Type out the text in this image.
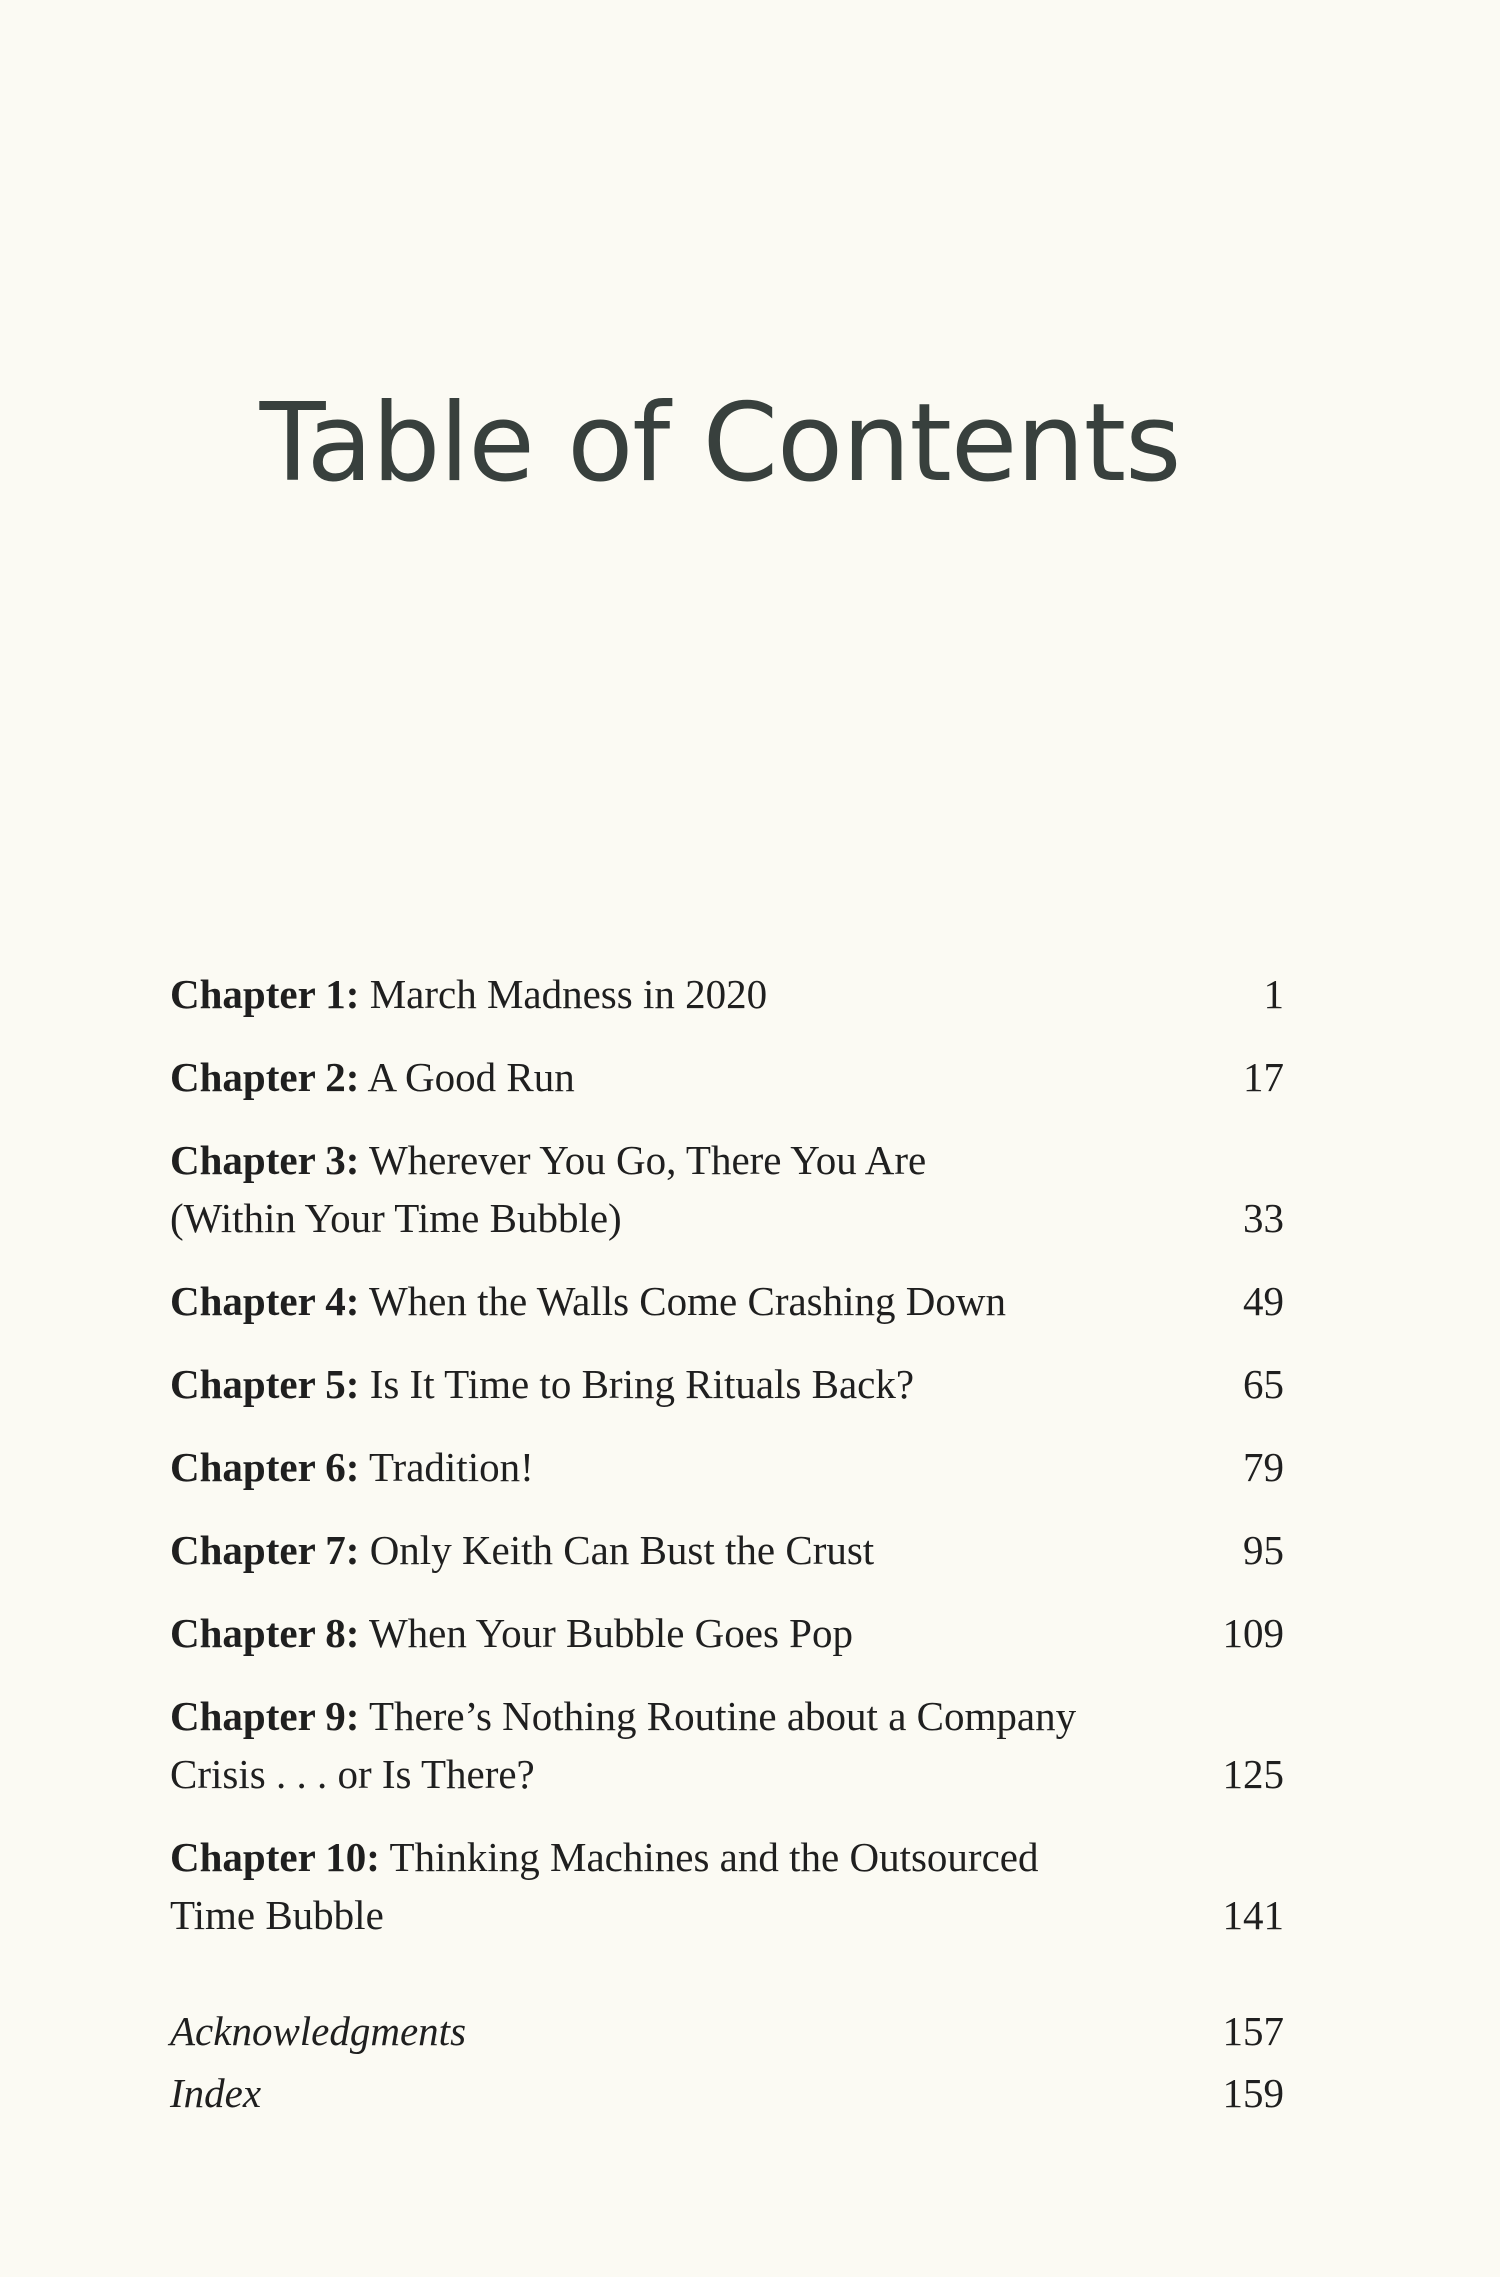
Table of Contents
Chapter 1: March Madness in 2020	1
Chapter 2: A Good Run	17
Chapter 3: Wherever You Go, There You Are (Within Your Time Bubble)	33
Chapter 4: When the Walls Come Crashing Down	49
Chapter 5: Is It Time to Bring Rituals Back?	65
Chapter 6: Tradition!	79
Chapter 7: Only Keith Can Bust the Crust	95
Chapter 8: When Your Bubble Goes Pop	109
Chapter 9: There’s Nothing Routine about a Company Crisis . . . or Is There?	125
Chapter 10: Thinking Machines and the Outsourced Time Bubble	141
Acknowledgments	157
Index	159
